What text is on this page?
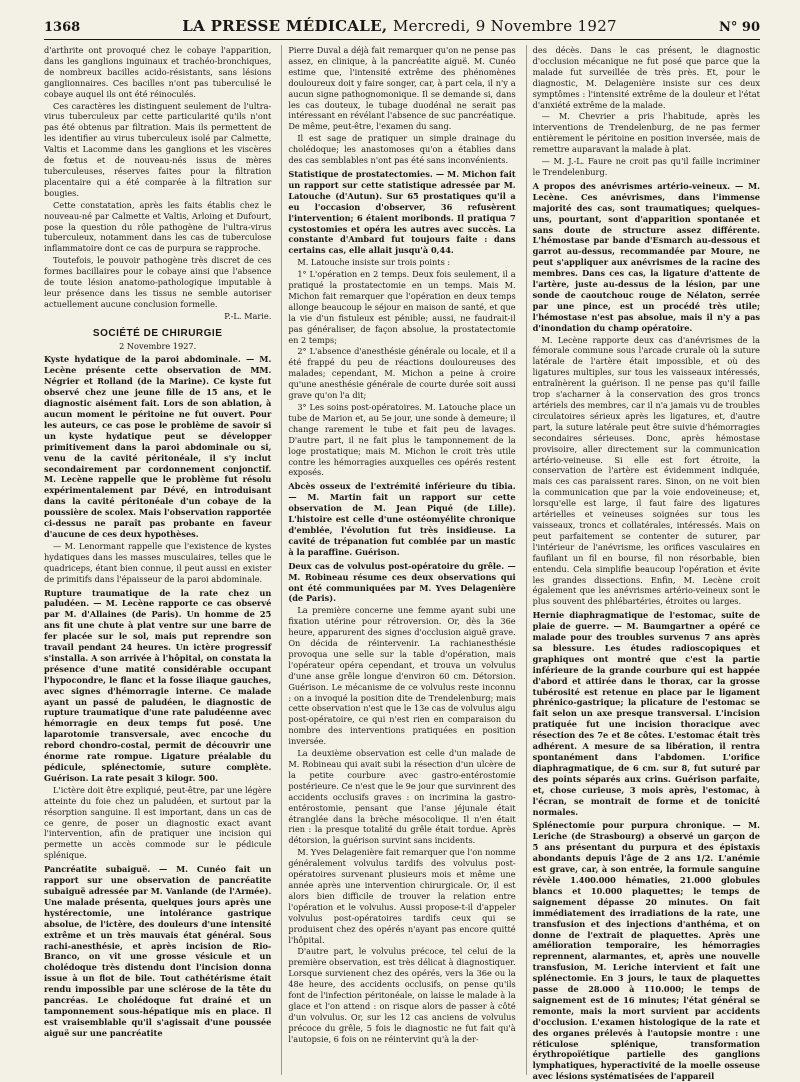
1368	LA PRESSE MÉDICALE, Mercredi, 9 Novembre 1927	N° 90

d'arthrite ont provoqué chez le cobaye l'apparition, dans les ganglions inguinaux et trachéo-bronchiques, de nombreux bacilles acido-résistants, sans lésions ganglionnaires. Ces bacilles n'ont pas tuberculisé le cobaye auquel ils ont été réinoculés.

Ces caractères les distinguent seulement de l'ultra-virus tuberculeux par cette particularité qu'ils n'ont pas été obtenus par filtration. Mais ils permettent de les identifier au virus tuberculeux isolé par Calmette, Valtis et Lacomme dans les ganglions et les viscères de fœtus et de nouveau-nés issus de mères tuberculeuses, réserves faites pour la filtration placentaire qui a été comparée à la filtration sur bougies.

Cette constatation, après les faits établis chez le nouveau-né par Calmette et Valtis, Arloing et Dufourt, pose la question du rôle pathogène de l'ultra-virus tuberculeux, notamment dans les cas de tuberculose inflammatoire dont ce cas de purpura se rapproche.

Toutefois, le pouvoir pathogène très discret de ces formes bacillaires pour le cobaye ainsi que l'absence de toute lésion anatomo-pathologique imputable à leur présence dans les tissus ne semble autoriser actuellement aucune conclusion formelle.

P.-L. Marie.

SOCIÉTÉ DE CHIRURGIE
2 Novembre 1927.

Kyste hydatique de la paroi abdominale. — M. Lecène présente cette observation de MM. Négrier et Rolland (de la Marine). Ce kyste fut observé chez une jeune fille de 15 ans, et le diagnostic aisément fait. Lors de son ablation, à aucun moment le péritoine ne fut ouvert. Pour les auteurs, ce cas pose le problème de savoir si un kyste hydatique peut se développer primitivement dans la paroi abdominale ou si, venu de la cavité péritonéale, il s'y inclut secondairement par cordonnement conjonctif. M. Lecène rappelle que le problème fut résolu expérimentalement par Dévé, en introduisant dans la cavité péritonéale d'un cobaye de la poussière de scolex. Mais l'observation rapportée ci-dessus ne paraît pas probante en faveur d'aucune de ces deux hypothèses.

— M. Lenormant rappelle que l'existence de kystes hydatiques dans les masses musculaires, telles que le quadriceps, étant bien connue, il peut aussi en exister de primitifs dans l'épaisseur de la paroi abdominale.

Rupture traumatique de la rate chez un paludéen. — M. Lecène rapporte ce cas observé par M. d'Allaines (de Paris). Un homme de 25 ans fit une chute à plat ventre sur une barre de fer placée sur le sol, mais put reprendre son travail pendant 24 heures. Un ictère progressif s'installa. A son arrivée à l'hôpital, on constata la présence d'une matité considérable occupant l'hypocondre, le flanc et la fosse iliaque gauches, avec signes d'hémorragie interne. Ce malade ayant un passé de paludéen, le diagnostic de rupture traumatique d'une rate paludéenne avec hémorragie en deux temps fut posé. Une laparotomie transversale, avec encoche du rebord chondro-costal, permit de découvrir une énorme rate rompue. Ligature préalable du pédicule, splénectomie, suture complète. Guérison. La rate pesait 3 kilogr. 500.

L'ictère doit être expliqué, peut-être, par une légère atteinte du foie chez un paludéen, et surtout par la résorption sanguine. Il est important, dans un cas de ce genre, de poser un diagnostic exact avant l'intervention, afin de pratiquer une incision qui permette un accès commode sur le pédicule splénique.

Pancréatite subaiguë. — M. Cunéo fait un rapport sur une observation de pancréatite subaiguë adressée par M. Vanlande (de l'Armée). Une malade présenta, quelques jours après une hystérectomie, une intolérance gastrique absolue, de l'ictère, des douleurs d'une intensité extrême et un très mauvais état général. Sous rachi-anesthésie, et après incision de Rio-Branco, on vit une grosse vésicule et un cholédoque très distendu dont l'incision donna issue à un flot de bile. Tout cathétérisme était rendu impossible par une sclérose de la tête du pancréas. Le cholédoque fut drainé et un tamponnement sous-hépatique mis en place. Il est vraisemblable qu'il s'agissait d'une poussée aiguë sur une pancréatite

Pierre Duval a déjà fait remarquer qu'on ne pense pas assez, en clinique, à la pancréatite aiguë. M. Cunéo estime que, l'intensité extrême des phénomènes douloureux doit y faire songer, car, à part cela, il n'y a aucun signe pathognomonique. Il se demande si, dans les cas douteux, le tubage duodénal ne serait pas intéressant en révélant l'absence de suc pancréatique. De même, peut-être, l'examen du sang.

Il est sage de pratiquer un simple drainage du cholédoque; les anastomoses qu'on a établies dans des cas semblables n'ont pas été sans inconvénients.

Statistique de prostatectomies. — M. Michon fait un rapport sur cette statistique adressée par M. Latouche (d'Autun). Sur 65 prostatiques qu'il a eu l'occasion d'observer, 36 refusèrent l'intervention; 6 étaient moribonds. Il pratiqua 7 cystostomies et opéra les autres avec succès. La constante d'Ambard fut toujours faite : dans certains cas, elle allait jusqu'à 0,44.

M. Latouche insiste sur trois points :

1° L'opération en 2 temps. Deux fois seulement, il a pratiqué la prostatectomie en un temps. Mais M. Michon fait remarquer que l'opération en deux temps allonge beaucoup le séjour en maison de santé, et que la vie d'un fistuleux est pénible; aussi, ne faudrait-il pas généraliser, de façon absolue, la prostatectomie en 2 temps;

2° L'absence d'anesthésie générale ou locale, et il a été frappé du peu de réactions douloureuses des malades; cependant, M. Michon a peine à croire qu'une anesthésie générale de courte durée soit aussi grave qu'on l'a dit;

3° Les soins post-opératoires. M. Latouche place un tube de Marion et, au 5e jour, une sonde à demeure; il change rarement le tube et fait peu de lavages. D'autre part, il ne fait plus le tamponnement de la loge prostatique; mais M. Michon le croit très utile contre les hémorragies auxquelles ces opérés restent exposés.

Abcès osseux de l'extrémité inférieure du tibia. — M. Martin fait un rapport sur cette observation de M. Jean Piqué (de Lille). L'histoire est celle d'une ostéomyélite chronique d'emblée, l'évolution fut très insidieuse. La cavité de trépanation fut comblée par un mastic à la paraffine. Guérison.

Deux cas de volvulus post-opératoire du grêle. — M. Robineau résume ces deux observations qui ont été communiquées par M. Yves Delagenière (de Paris).

La première concerne une femme ayant subi une fixation utérine pour rétroversion. Or, dès la 36e heure, apparurent des signes d'occlusion aiguë grave. On décida de réintervenir. La rachianesthésie provoqua une selle sur la table d'opération, mais l'opérateur opéra cependant, et trouva un volvulus d'une anse grêle longue d'environ 60 cm. Détorsion. Guérison. Le mécanisme de ce volvulus reste inconnu : on a invoqué la position dite de Trendelenburg; mais cette observation n'est que le 13e cas de volvulus aigu post-opératoire, ce qui n'est rien en comparaison du nombre des interventions pratiquées en position inversée.

La deuxième observation est celle d'un malade de M. Robineau qui avait subi la résection d'un ulcère de la petite courbure avec gastro-entérostomie postérieure. Ce n'est que le 9e jour que survinrent des accidents occlusifs graves : on incrimina la gastro-entérostomie, pensant que l'anse jéjunale était étranglée dans la brèche mésocolique. Il n'en était rien : la presque totalité du grêle était tordue. Après détorsion, la guérison survint sans incidents.

M. Yves Delagenière fait remarquer que l'on nomme généralement volvulus tardifs des volvulus post-opératoires survenant plusieurs mois et même une année après une intervention chirurgicale. Or, il est alors bien difficile de trouver la relation entre l'opération et le volvulus. Aussi propose-t-il d'appeler volvulus post-opératoires tardifs ceux qui se produisent chez des opérés n'ayant pas encore quitté l'hôpital.

D'autre part, le volvulus précoce, tel celui de la première observation, est très délicat à diagnostiquer. Lorsque survienent chez des opérés, vers la 36e ou la 48e heure, des accidents occlusifs, on pense qu'ils font de l'infection péritonéale, on laisse le malade à la glace et l'on attend : on risque alors de passer à côté d'un volvulus. Or, sur les 12 cas anciens de volvulus précoce du grêle, 5 fois le diagnostic ne fut fait qu'à l'autopsie, 6 fois on ne réintervint qu'à la der-

des décès. Dans le cas présent, le diagnostic d'occlusion mécanique ne fut posé que parce que la malade fut surveillée de très près. Et, pour le diagnostic, M. Delagenière insiste sur ces deux symptômes : l'intensité extrême de la douleur et l'état d'anxiété extrême de la malade.

— M. Chevrier a pris l'habitude, après les interventions de Trendelenburg, de ne pas fermer entièrement le péritoine en position inversée, mais de remettre auparavant la malade à plat.

— M. J.-L. Faure ne croit pas qu'il faille incriminer le Trendelenburg.

A propos des anévrismes artério-veineux. — M. Lecène. Ces anévrismes, dans l'immense majorité des cas, sont traumatiques; quelques-uns, pourtant, sont d'apparition spontanée et sans doute de structure assez différente. L'hémostase par bande d'Esmarch au-dessous et garrot au-dessus, recommandée par Moure, ne peut s'appliquer aux anévrismes de la racine des membres. Dans ces cas, la ligature d'attente de l'artère, juste au-dessus de la lésion, par une sonde de caoutchouc rouge de Nélaton, serrée par une pince, est un procédé très utile; l'hémostase n'est pas absolue, mais il n'y a pas d'inondation du champ opératoire.

M. Lecène rapporte deux cas d'anévrismes de la fémorale commune sous l'arcade crurale où la suture latérale de l'artère était impossible, et où des ligatures multiples, sur tous les vaisseaux intéressés, entraînèrent la guérison. Il ne pense pas qu'il faille trop s'acharner à la conservation des gros troncs artériels des membres, car il n'a jamais vu de troubles circulatoires sérieux après les ligatures, et, d'autre part, la suture latérale peut être suivie d'hémorragies secondaires sérieuses. Donc, après hémostase provisoire, aller directement sur la communication artério-veineuse. Si elle est fort étroite, la conservation de l'artère est évidemment indiquée, mais ces cas paraissent rares. Sinon, on ne voit bien la communication que par la voie endoveineuse; et, lorsqu'elle est large, il faut faire des ligatures artérielles et veineuses soignées sur tous les vaisseaux, troncs et collatérales, intéressés. Mais on peut parfaitement se contenter de suturer, par l'intérieur de l'anévrisme, les orifices vasculaires en faufilant un fil en bourse, fil non résorbable, bien entendu. Cela simplifie beaucoup l'opération et évite les grandes dissections. Enfin, M. Lecène croit également que les anévrismes artério-veineux sont le plus souvent des phlébartéries, étroites ou larges.

Hernie diaphragmatique de l'estomac, suite de plaie de guerre. — M. Baumgartner a opéré ce malade pour des troubles survenus 7 ans après sa blessure. Les études radioscopiques et graphiques ont montré que c'est la partie inférieure de la grande courbure qui est happée d'abord et attirée dans le thorax, car la grosse tubérosité est retenue en place par le ligament phrénico-gastrique; la plicature de l'estomac se fait selon un axe presque transversal. L'incision pratiquée fut une incision thoracique avec résection des 7e et 8e côtes. L'estomac était très adhérent. A mesure de sa libération, il rentra spontanément dans l'abdomen. L'orifice diaphragmatique, de 6 cm. sur 8, fut suturé par des points séparés aux crins. Guérison parfaite, et, chose curieuse, 3 mois après, l'estomac, à l'écran, se montrait de forme et de tonicité normales.

Splénectomie pour purpura chronique. — M. Leriche (de Strasbourg) a observé un garçon de 5 ans présentant du purpura et des épistaxis abondants depuis l'âge de 2 ans 1/2. L'anémie est grave, car, à son entrée, la formule sanguine révèle 1.400.000 hématies, 21.000 globules blancs et 10.000 plaquettes; le temps de saignement dépasse 20 minutes. On fait immédiatement des irradiations de la rate, une transfusion et des injections d'anthéma, et on donne de l'extrait de plaquettes. Après une amélioration temporaire, les hémorragies reprennent, alarmantes, et, après une nouvelle transfusion, M. Leriche intervient et fait une splénectomie. En 3 jours, le taux de plaquettes passe de 28.000 à 110.000; le temps de saignement est de 16 minutes; l'état général se remonte, mais la mort survient par accidents d'occlusion. L'examen histologique de la rate et des organes prélevés à l'autopsie montre : une réticulose splénique, transformation érythropoïétique partielle des ganglions lymphatiques, hyperactivité de la moelle osseuse avec lésions systématisées de l'appareil
